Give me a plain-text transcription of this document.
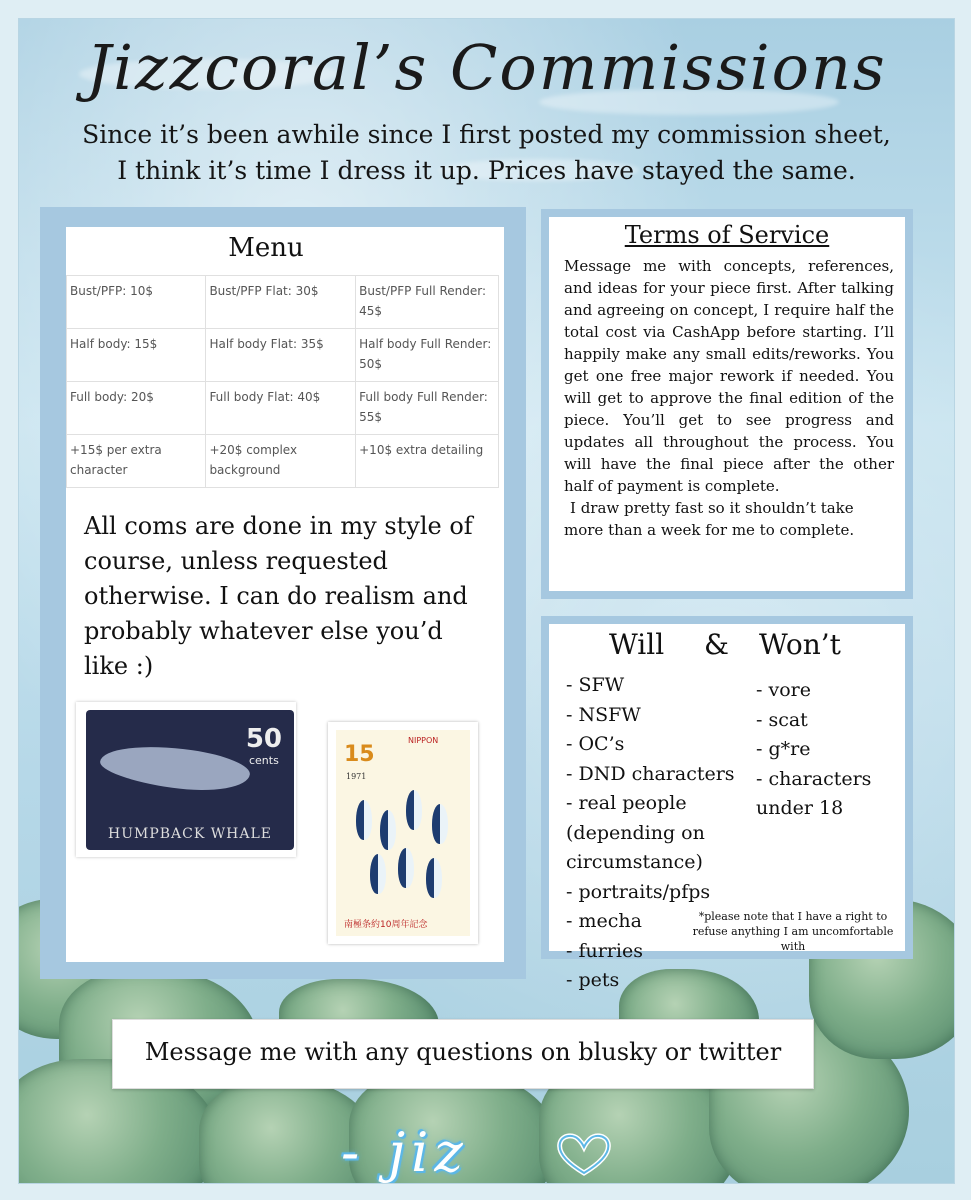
Jizzcoral’s Commissions
Since it’s been awhile since I first posted my commission sheet,
I think it’s time I dress it up. Prices have stayed the same.
Menu
Bust/PFP: 10$	Bust/PFP Flat: 30$	Bust/PFP Full Render: 45$
Half body: 15$	Half body Flat: 35$	Half body Full Render: 50$
Full body: 20$	Full body Flat: 40$	Full body Full Render: 55$
+15$ per extra character	+20$ complex background	+10$ extra detailing
All coms are done in my style of course, unless requested otherwise. I can do realism and probably whatever else you’d like :)
50
cents
HUMPBACK WHALE
15
1971
NIPPON
南極条約10周年記念
Terms of Service
Message me with concepts, references, and ideas for your piece first. After talking and agreeing on concept, I require half the total cost via CashApp before starting. I’ll happily make any small edits/reworks. You get one free major rework if needed. You will get to approve the final edition of the piece. You’ll get to see progress and updates all throughout the process. You will have the final piece after the other half of payment is complete.
I draw pretty fast so it shouldn’t take more than a week for me to complete.
Will & Won’t
- SFW
- NSFW
- OC’s
- DND characters
- real people
(depending on
circumstance)
- portraits/pfps
- mecha
- furries
- pets
- vore
- scat
- g*re
- characters
under 18
*please note that I have a right to refuse anything I am uncomfortable with
Message me with any questions on blusky or twitter
- jiz
